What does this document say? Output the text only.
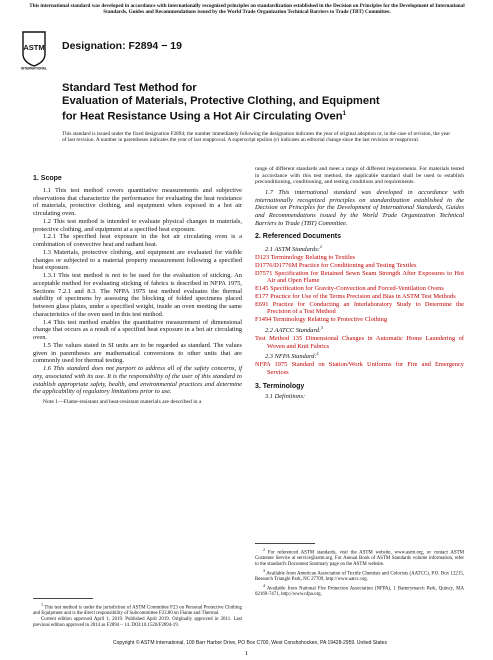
This international standard was developed in accordance with internationally recognized principles on standardization established in the Decision on Principles for the Development of International Standards, Guides and Recommendations issued by the World Trade Organization Technical Barriers to Trade (TBT) Committee.
ASTM
INTERNATIONAL
Designation: F2894 − 19
Standard Test Method for
Evaluation of Materials, Protective Clothing, and Equipment
for Heat Resistance Using a Hot Air Circulating Oven$^1$
This standard is issued under the fixed designation F2894; the number immediately following the designation indicates the year of original adoption or, in the case of revision, the year of last revision. A number in parentheses indicates the year of last reapproval. A superscript epsilon (ε) indicates an editorial change since the last revision or reapproval.
1. Scope

1.1 This test method covers quantitative measurements and subjective observations that characterize the performance for evaluating the heat resistance of materials, protective clothing, and equipment when exposed in a hot air circulating oven.

1.2 This test method is intended to evaluate physical changes in materials, protective clothing, and equipment at a specified heat exposure.

1.2.1 The specified heat exposure in the hot air circulating oven is a combination of convective heat and radiant heat.

1.3 Materials, protective clothing, and equipment are evaluated for visible changes or subjected to a material property measurement following a specified heat exposure.

1.3.1 This test method is not to be used for the evaluation of sticking. An acceptable method for evaluating sticking of fabrics is described in NFPA 1975, Sections 7.2.1 and 8.3. The NFPA 1975 test method evaluates the thermal stability of specimens by assessing the blocking of folded specimens placed between glass plates, under a specified weight, inside an oven meeting the same characteristics of the oven used in this test method.

1.4 This test method enables the quantitative measurement of dimensional change that occurs as a result of a specified heat exposure in a hot air circulating oven.

1.5 The values stated in SI units are to be regarded as standard. The values given in parentheses are mathematical conversions to other units that are commonly used for thermal testing.

1.6 This standard does not purport to address all of the safety concerns, if any, associated with its use. It is the responsibility of the user of this standard to establish appropriate safety, health, and environmental practices and determine the applicability of regulatory limitations prior to use.

Note 1—Flame-resistant and heat-resistant materials are described in a

range of different standards and meet a range of different requirements. For materials tested in accordance with this test method, the applicable standard shall be used to establish preconditioning, conditioning, and testing conditions and requirements.

1.7 This international standard was developed in accordance with internationally recognized principles on standardization established in the Decision on Principles for the Development of International Standards, Guides and Recommendations issued by the World Trade Organization Technical Barriers to Trade (TBT) Committee.

2. Referenced Documents

2.1 ASTM Standards:$^2$

D123 Terminology Relating to Textiles

D1776/D1776M Practice for Conditioning and Testing Textiles

D7571 Specification for Retained Sewn Seam Strength After Exposures to Hot Air and Open Flame

E145 Specification for Gravity-Convection and Forced-Ventilation Ovens

E177 Practice for Use of the Terms Precision and Bias in ASTM Test Methods

E691 Practice for Conducting an Interlaboratory Study to Determine the Precision of a Test Method

F1494 Terminology Relating to Protective Clothing

2.2 AATCC Standard:$^3$

Test Method 135 Dimensional Changes in Automatic Home Laundering of Woven and Knit Fabrics

2.3 NFPA Standard:$^4$

NFPA 1975 Standard on Station/Work Uniforms for Fire and Emergency Services

3. Terminology

3.1 Definitions:

$^1$ This test method is under the jurisdiction of ASTM Committee F23 on Personal Protective Clothing and Equipment and is the direct responsibility of Subcommittee F23.80 on Flame and Thermal.

Current edition approved April 1, 2019. Published April 2019. Originally approved in 2011. Last previous edition approved in 2014 as F2894 – 14. DOI:10.1520/F2894-19.

$^2$ For referenced ASTM standards, visit the ASTM website, www.astm.org, or contact ASTM Customer Service at service@astm.org. For Annual Book of ASTM Standards volume information, refer to the standard's Document Summary page on the ASTM website.

$^3$ Available from American Association of Textile Chemists and Colorists (AATCC), P.O. Box 12215, Research Triangle Park, NC 27709, http://www.aatcc.org.

$^4$ Available from National Fire Protection Association (NFPA), 1 Batterymarch Park, Quincy, MA 02169-7471, http://www.nfpa.org.

Copyright © ASTM International, 100 Barr Harbor Drive, PO Box C700, West Conshohocken, PA 19428-2959. United States
1
